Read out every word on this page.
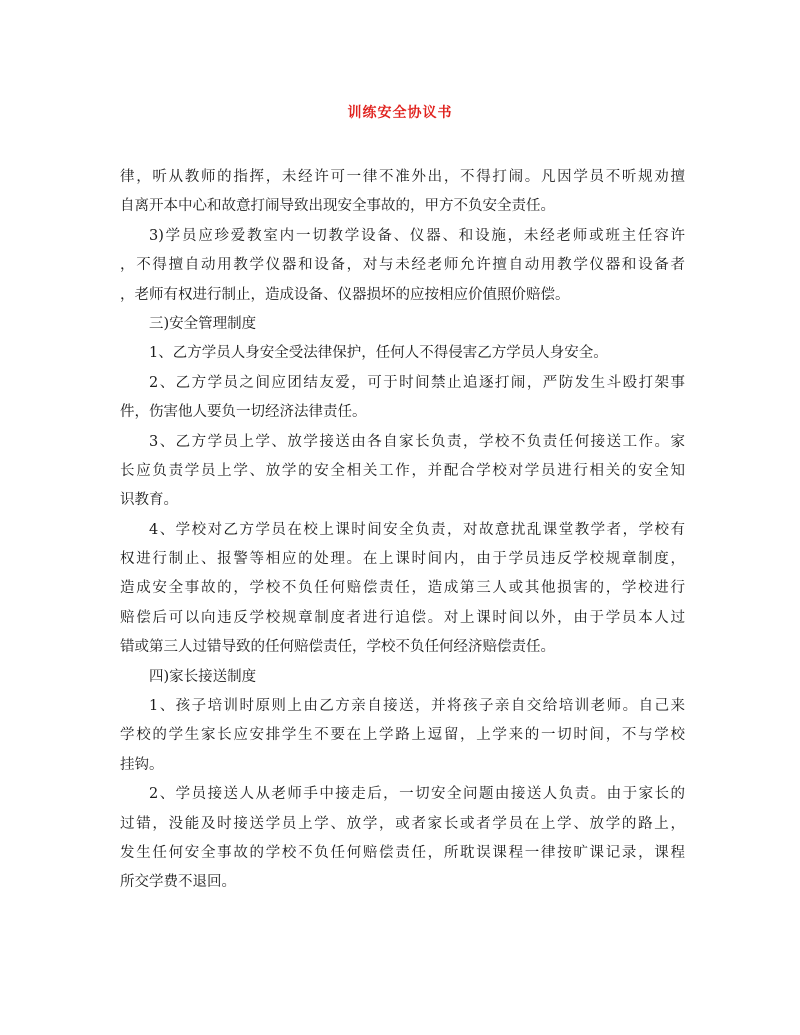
训练安全协议书
律，听从教师的指挥，未经许可一律不准外出，不得打闹。凡因学员不听规劝擅
自离开本中心和故意打闹导致出现安全事故的，甲方不负安全责任。
3)学员应珍爱教室内一切教学设备、仪器、和设施，未经老师或班主任容许
，不得擅自动用教学仪器和设备，对与未经老师允许擅自动用教学仪器和设备者
，老师有权进行制止，造成设备、仪器损坏的应按相应价值照价赔偿。
三)安全管理制度
1、乙方学员人身安全受法律保护，任何人不得侵害乙方学员人身安全。
2、乙方学员之间应团结友爱，可于时间禁止追逐打闹，严防发生斗殴打架事
件，伤害他人要负一切经济法律责任。
3、乙方学员上学、放学接送由各自家长负责，学校不负责任何接送工作。家
长应负责学员上学、放学的安全相关工作，并配合学校对学员进行相关的安全知
识教育。
4、学校对乙方学员在校上课时间安全负责，对故意扰乱课堂教学者，学校有
权进行制止、报警等相应的处理。在上课时间内，由于学员违反学校规章制度，
造成安全事故的，学校不负任何赔偿责任，造成第三人或其他损害的，学校进行
赔偿后可以向违反学校规章制度者进行追偿。对上课时间以外，由于学员本人过
错或第三人过错导致的任何赔偿责任，学校不负任何经济赔偿责任。
四)家长接送制度
1、孩子培训时原则上由乙方亲自接送，并将孩子亲自交给培训老师。自己来
学校的学生家长应安排学生不要在上学路上逗留，上学来的一切时间，不与学校
挂钩。
2、学员接送人从老师手中接走后，一切安全问题由接送人负责。由于家长的
过错，没能及时接送学员上学、放学，或者家长或者学员在上学、放学的路上，
发生任何安全事故的学校不负任何赔偿责任，所耽误课程一律按旷课记录，课程
所交学费不退回。
